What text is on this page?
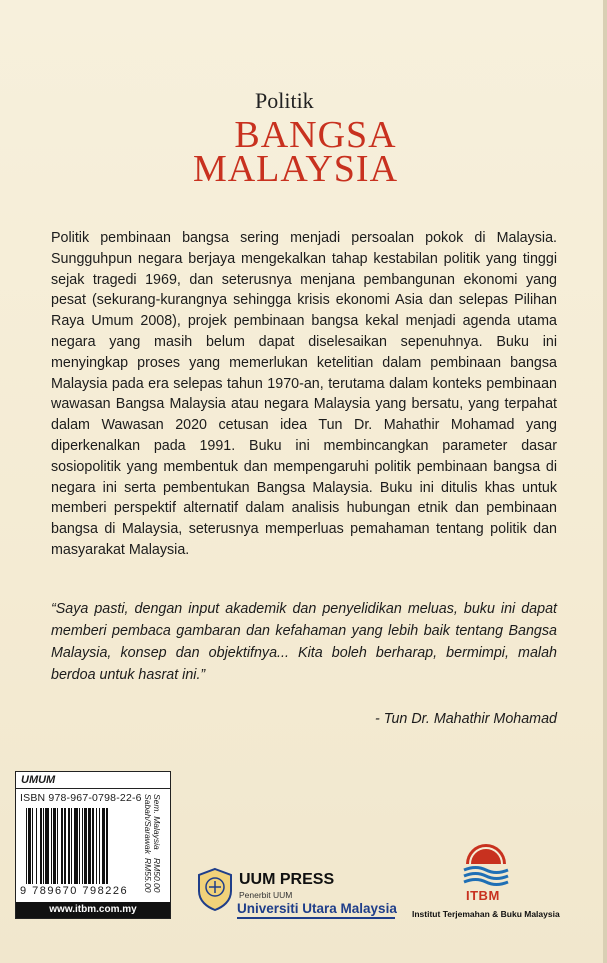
Politik
BANGSA
MALAYSIA
Politik pembinaan bangsa sering menjadi persoalan pokok di Malaysia. Sungguhpun negara berjaya mengekalkan tahap kestabilan politik yang tinggi sejak tragedi 1969, dan seterusnya menjana pembangunan ekonomi yang pesat (sekurang-kurangnya sehingga krisis ekonomi Asia dan selepas Pilihan Raya Umum 2008), projek pembinaan bangsa kekal menjadi agenda utama negara yang masih belum dapat diselesaikan sepenuhnya. Buku ini menyingkap proses yang memerlukan ketelitian dalam pembinaan bangsa Malaysia pada era selepas tahun 1970-an, terutama dalam konteks pembinaan wawasan Bangsa Malaysia atau negara Malaysia yang bersatu, yang terpahat dalam Wawasan 2020 cetusan idea Tun Dr. Mahathir Mohamad yang diperkenalkan pada 1991. Buku ini membincangkan parameter dasar sosiopolitik yang membentuk dan mempengaruhi politik pembinaan bangsa di negara ini serta pembentukan Bangsa Malaysia. Buku ini ditulis khas untuk memberi perspektif alternatif dalam analisis hubungan etnik dan pembinaan bangsa di Malaysia, seterusnya memperluas pemahaman tentang politik dan masyarakat Malaysia.
“Saya pasti, dengan input akademik dan penyelidikan meluas, buku ini dapat memberi pembaca gambaran dan kefahaman yang lebih baik tentang Bangsa Malaysia, konsep dan objektifnya... Kita boleh berharap, bermimpi, malah berdoa untuk hasrat ini.”
- Tun Dr. Mahathir Mohamad
UMUM
ISBN 978-967-0798-22-6
9 789670 798226
Sem. Malaysia
Sabah/Sarawak
RM50.00
RM55.00
www.itbm.com.my
UUM PRESS
Penerbit UUM
Universiti Utara Malaysia
ITBM
Institut Terjemahan & Buku Malaysia
